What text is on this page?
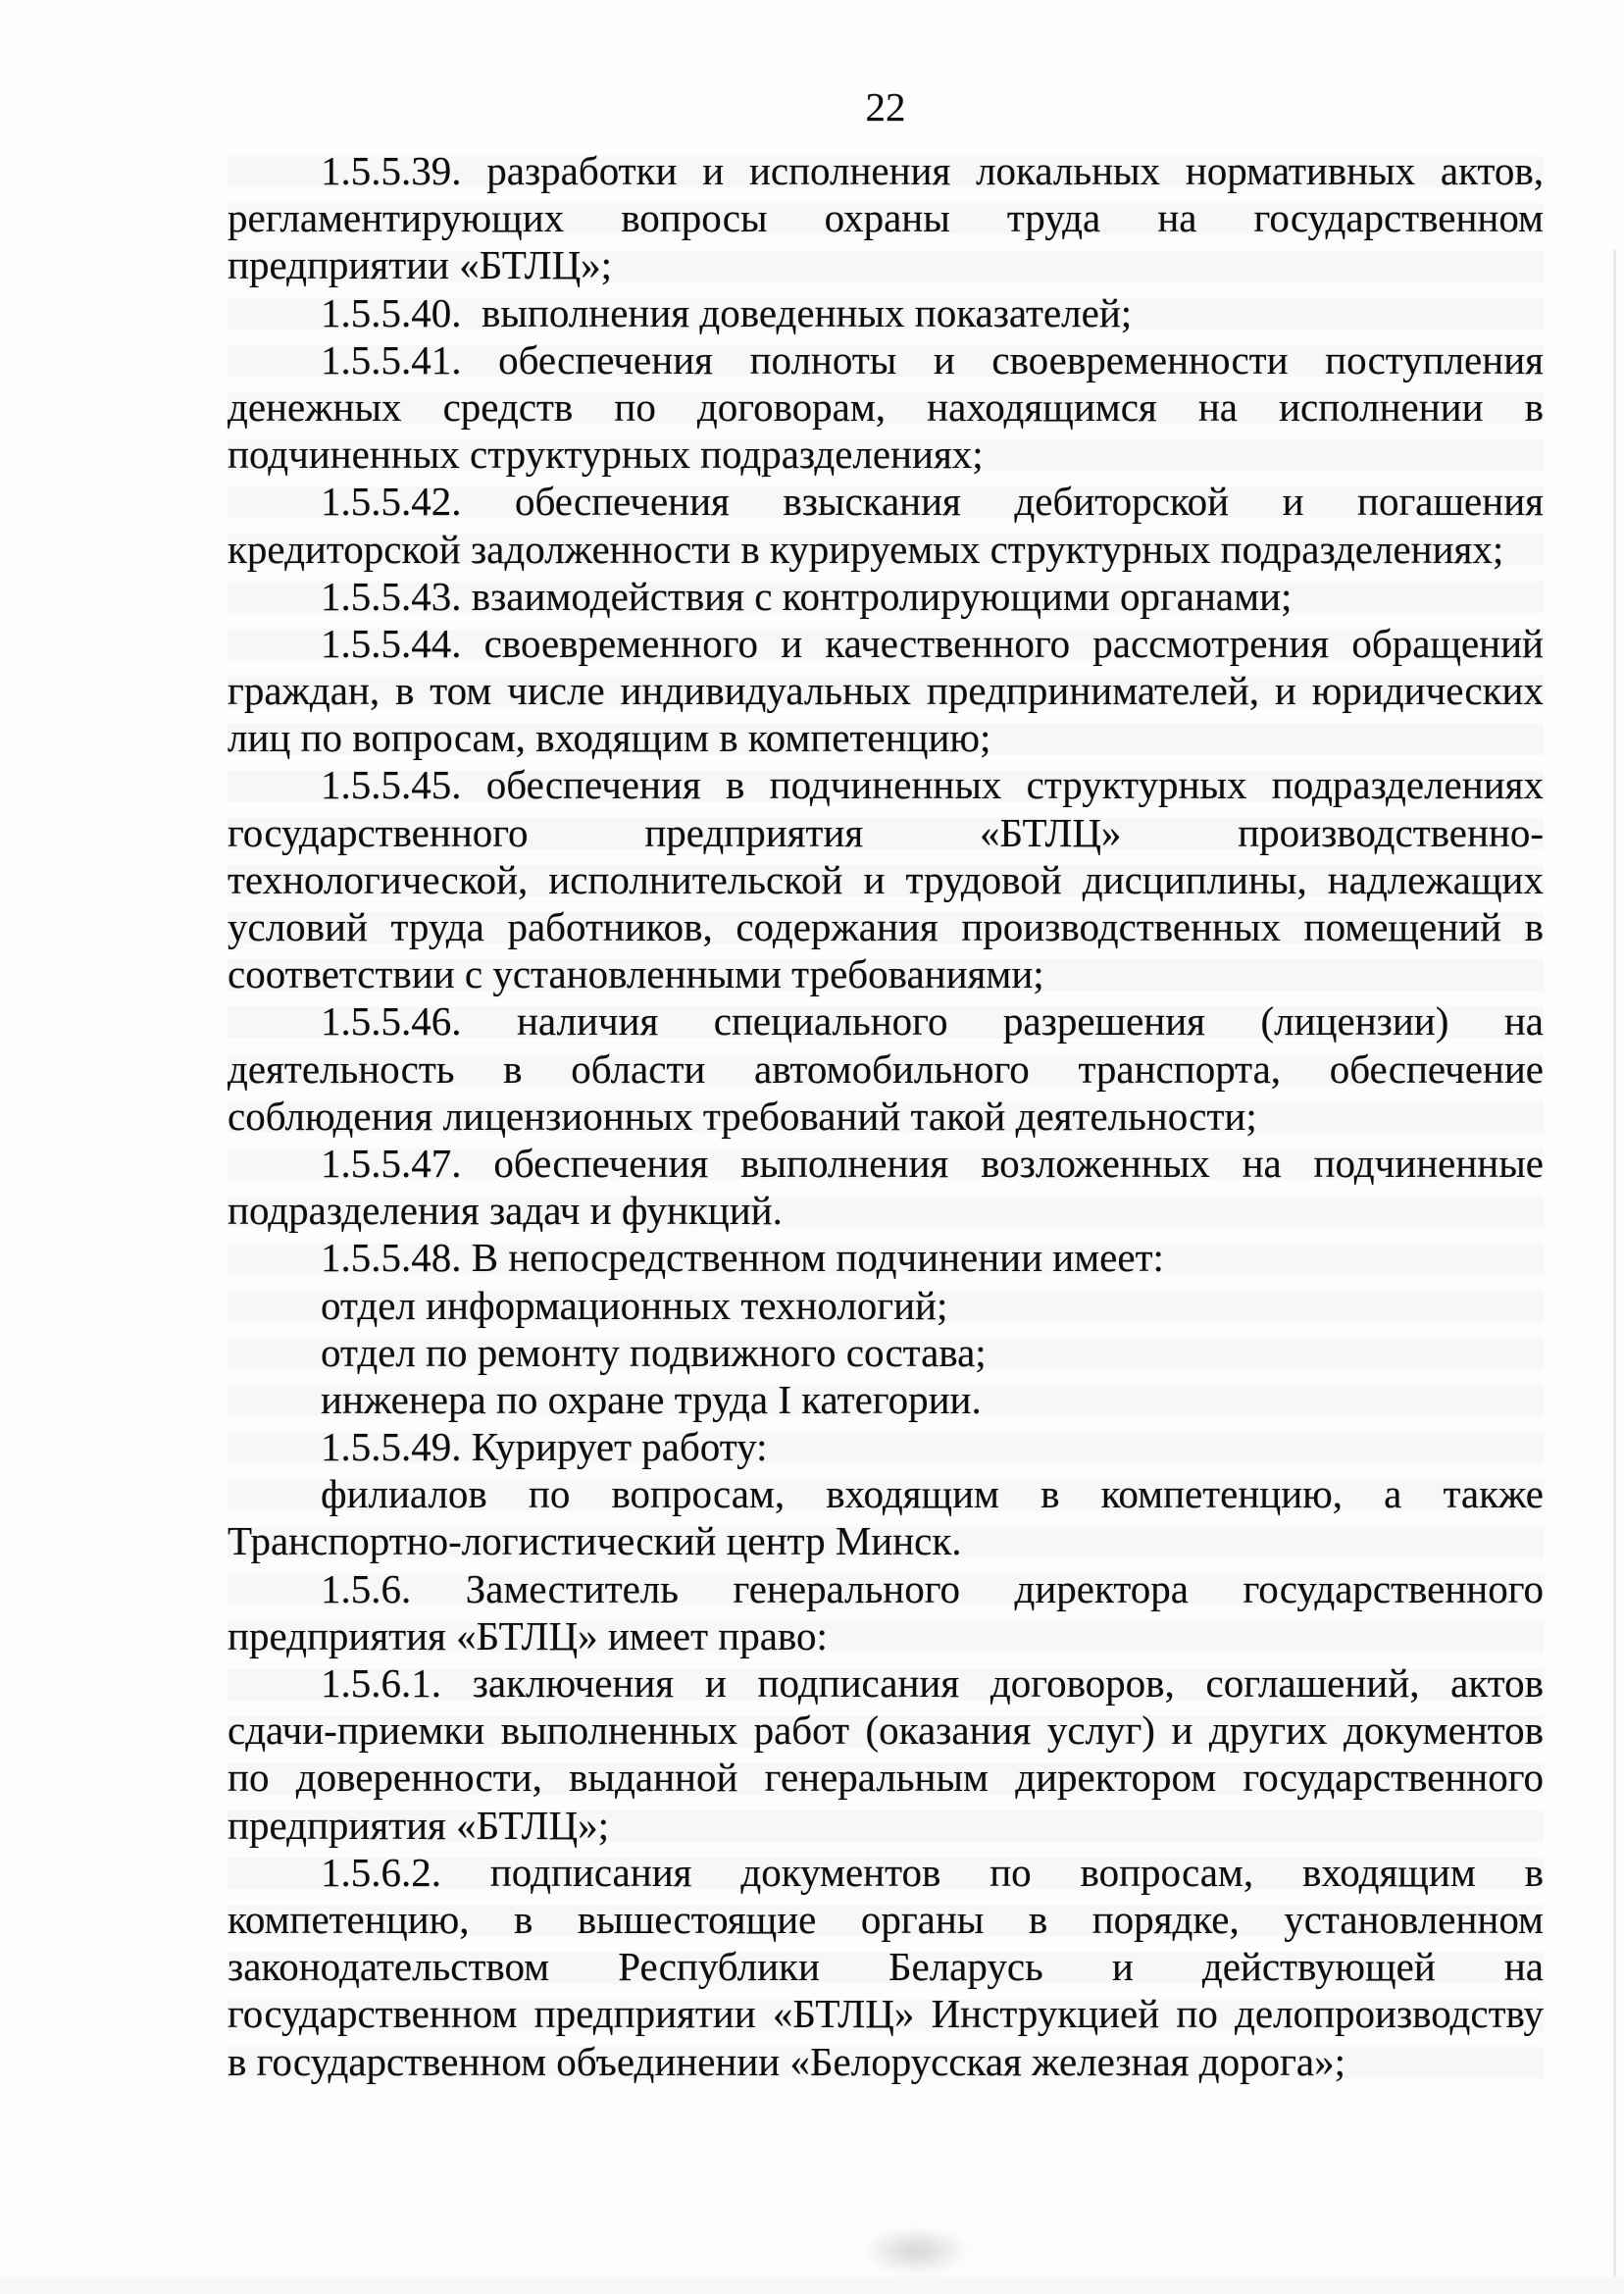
22
1.5.5.39. разработки и исполнения локальных нормативных актов,
регламентирующих вопросы охраны труда на государственном
предприятии «БТЛЦ»;
1.5.5.40.  выполнения доведенных показателей;
1.5.5.41. обеспечения полноты и своевременности поступления
денежных средств по договорам, находящимся на исполнении в
подчиненных структурных подразделениях;
1.5.5.42. обеспечения взыскания дебиторской и погашения
кредиторской задолженности в курируемых структурных подразделениях;
1.5.5.43. взаимодействия с контролирующими органами;
1.5.5.44. своевременного и качественного рассмотрения обращений
граждан, в том числе индивидуальных предпринимателей, и юридических
лиц по вопросам, входящим в компетенцию;
1.5.5.45. обеспечения в подчиненных структурных подразделениях
государственного предприятия «БТЛЦ» производственно-
технологической, исполнительской и трудовой дисциплины, надлежащих
условий труда работников, содержания производственных помещений в
соответствии с установленными требованиями;
1.5.5.46. наличия специального разрешения (лицензии) на
деятельность в области автомобильного транспорта, обеспечение
соблюдения лицензионных требований такой деятельности;
1.5.5.47. обеспечения выполнения возложенных на подчиненные
подразделения задач и функций.
1.5.5.48. В непосредственном подчинении имеет:
отдел информационных технологий;
отдел по ремонту подвижного состава;
инженера по охране труда I категории.
1.5.5.49. Курирует работу:
филиалов по вопросам, входящим в компетенцию, а также
Транспортно-логистический центр Минск.
1.5.6. Заместитель генерального директора государственного
предприятия «БТЛЦ» имеет право:
1.5.6.1. заключения и подписания договоров, соглашений, актов
сдачи-приемки выполненных работ (оказания услуг) и других документов
по доверенности, выданной генеральным директором государственного
предприятия «БТЛЦ»;
1.5.6.2. подписания документов по вопросам, входящим в
компетенцию, в вышестоящие органы в порядке, установленном
законодательством Республики Беларусь и действующей на
государственном предприятии «БТЛЦ» Инструкцией по делопроизводству
в государственном объединении «Белорусская железная дорога»;
